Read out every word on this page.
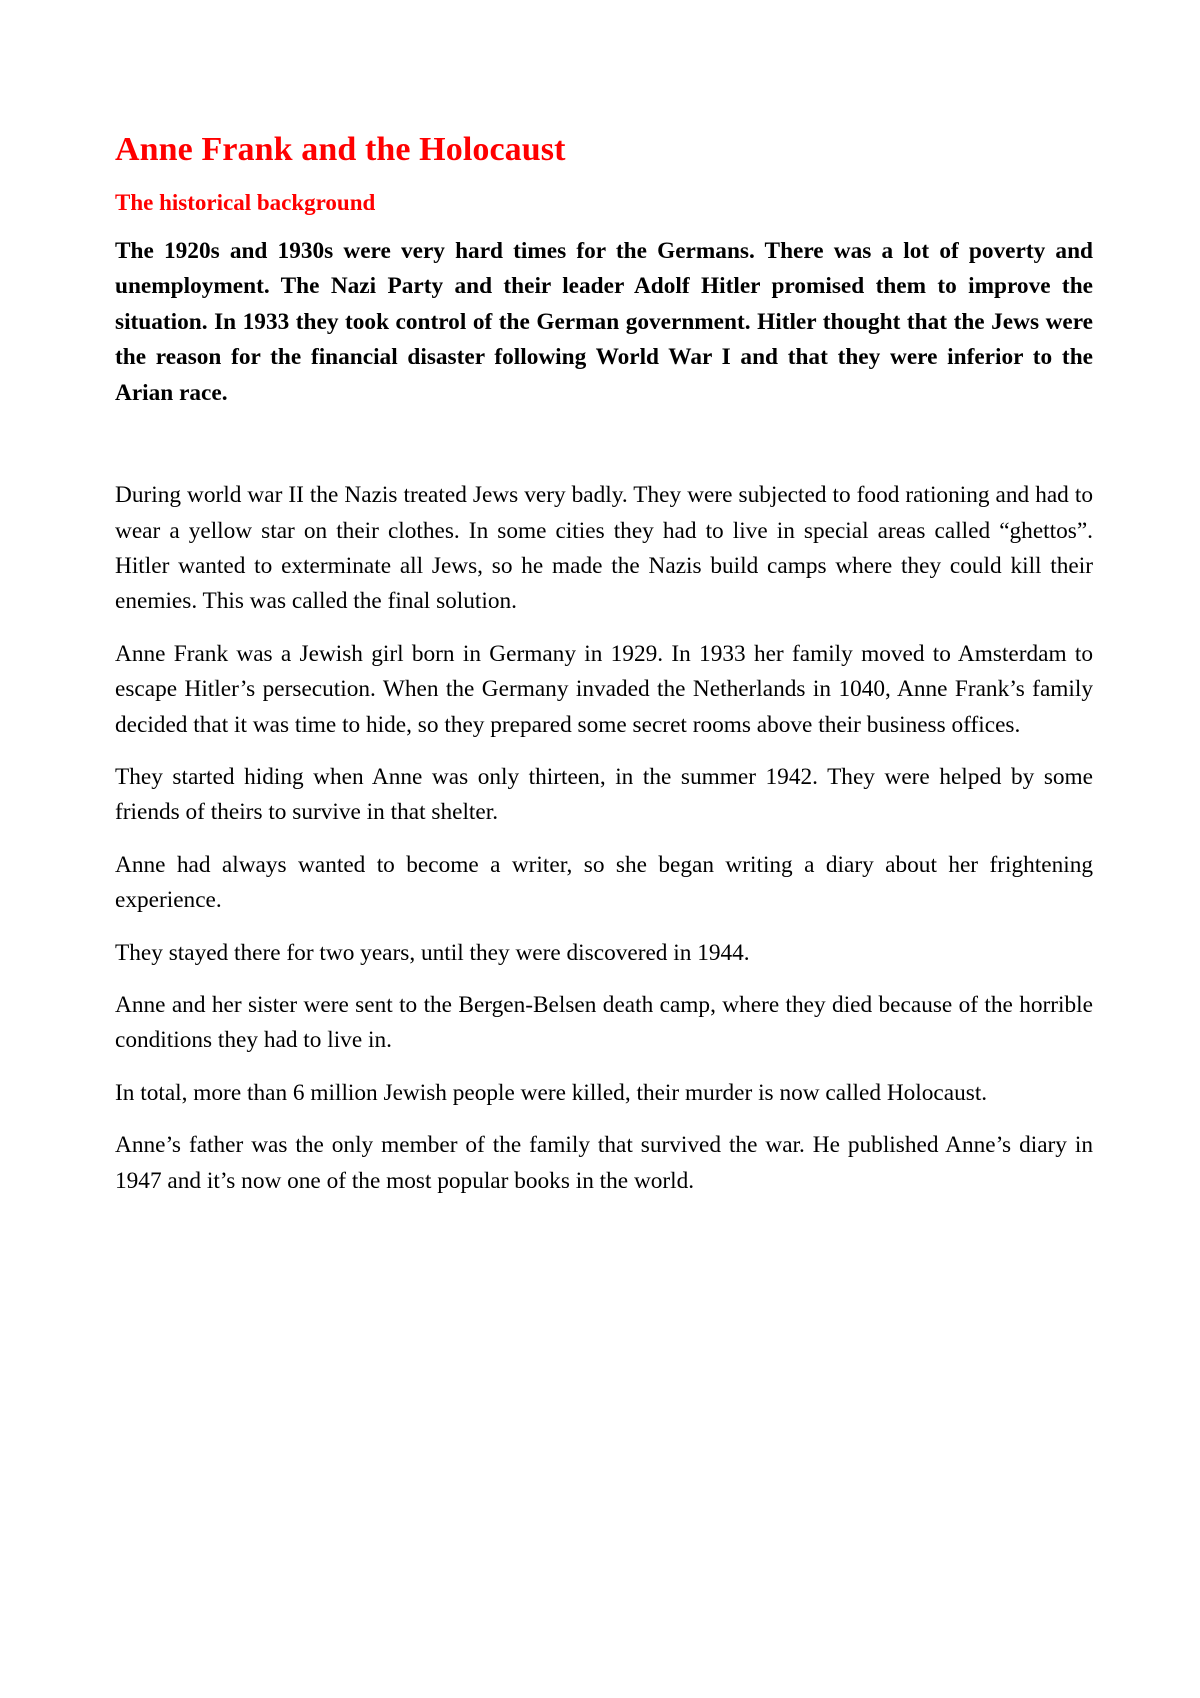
Anne Frank and the Holocaust
The historical background

The 1920s and 1930s were very hard times for the Germans. There was a lot of poverty and unemployment. The Nazi Party and their leader Adolf Hitler promised them to improve the situation. In 1933 they took control of the German government. Hitler thought that the Jews were the reason for the financial disaster following World War I and that they were inferior to the Arian race.

During world war II the Nazis treated Jews very badly. They were subjected to food rationing and had to wear a yellow star on their clothes. In some cities they had to live in special areas called “ghettos”. Hitler wanted to exterminate all Jews, so he made the Nazis build camps where they could kill their enemies. This was called the final solution.

Anne Frank was a Jewish girl born in Germany in 1929. In 1933 her family moved to Amsterdam to escape Hitler’s persecution. When the Germany invaded the Netherlands in 1040, Anne Frank’s family decided that it was time to hide, so they prepared some secret rooms above their business offices.

They started hiding when Anne was only thirteen, in the summer 1942. They were helped by some friends of theirs to survive in that shelter.

Anne had always wanted to become a writer, so she began writing a diary about her frightening experience.

They stayed there for two years, until they were discovered in 1944.

Anne and her sister were sent to the Bergen-Belsen death camp, where they died because of the horrible conditions they had to live in.

In total, more than 6 million Jewish people were killed, their murder is now called Holocaust.

Anne’s father was the only member of the family that survived the war. He published Anne’s diary in 1947 and it’s now one of the most popular books in the world.
